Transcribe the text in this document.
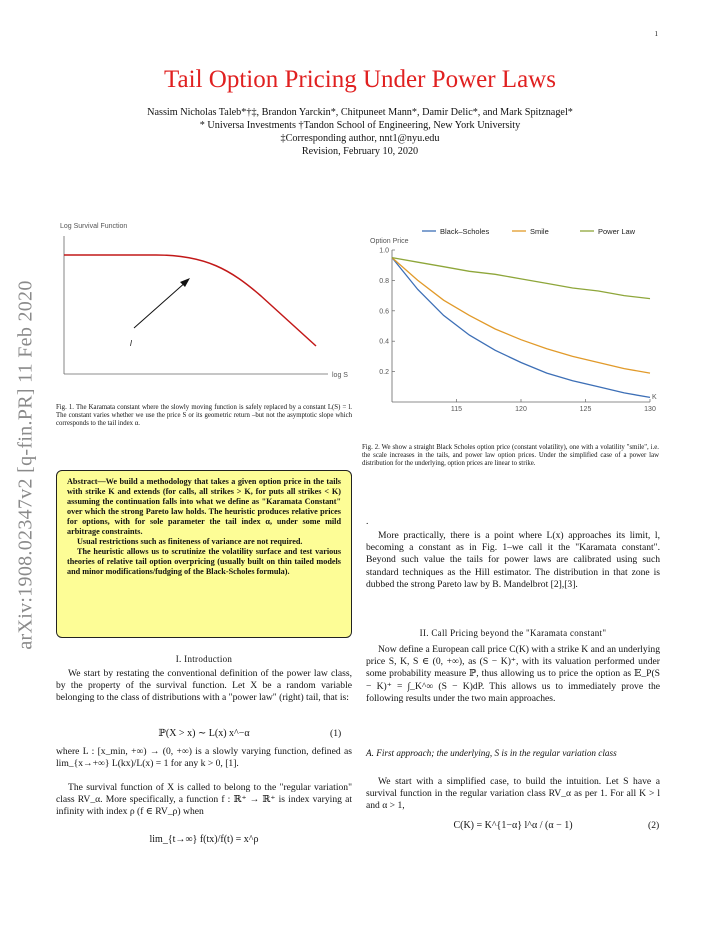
1
arXiv:1908.02347v2 [q-fin.PR] 11 Feb 2020
Tail Option Pricing Under Power Laws
Nassim Nicholas Taleb*†‡, Brandon Yarckin*, Chitpuneet Mann*, Damir Delic*, and Mark Spitznagel*
* Universa Investments †Tandon School of Engineering, New York University
‡Corresponding author, nnt1@nyu.edu
Revision, February 10, 2020
Log Survival Function
log S
l
Fig. 1. The Karamata constant where the slowly moving function is safely replaced by a constant L(S) = l. The constant varies whether we use the price S or its geometric return –but not the asymptotic slope which corresponds to the tail index α.
Black–Scholes	Smile	Power Law
Option Price
K
115	120	125	130
0.2
0.4
0.6
0.8
1.0
Fig. 2. We show a straight Black Scholes option price (constant volatility), one with a volatility "smile", i.e. the scale increases in the tails, and power law option prices. Under the simplified case of a power law distribution for the underlying, option prices are linear to strike.

Abstract—We build a methodology that takes a given option price in the tails with strike K and extends (for calls, all strikes > K, for puts all strikes < K) assuming the continuation falls into what we define as "Karamata Constant" over which the strong Pareto law holds. The heuristic produces relative prices for options, with for sole parameter the tail index α, under some mild arbitrage constraints.

Usual restrictions such as finiteness of variance are not required.

The heuristic allows us to scrutinize the volatility surface and test various theories of relative tail option overpricing (usually built on thin tailed models and minor modifications/fudging of the Black-Scholes formula).

I. Introduction

We start by restating the conventional definition of the power law class, by the property of the survival function. Let X be a random variable belonging to the class of distributions with a "power law" (right) tail, that is:

ℙ(X > x) ∼ L(x) x^−α	(1)

where L : [x_min, +∞) → (0, +∞) is a slowly varying function, defined as lim_{x→+∞} L(kx)/L(x) = 1 for any k > 0, [1].

The survival function of X is called to belong to the "regular variation" class RV_α. More specifically, a function f : ℝ⁺ → ℝ⁺ is index varying at infinity with index ρ (f ∈ RV_ρ) when

lim_{t→∞} f(tx)/f(t) = x^ρ
.

More practically, there is a point where L(x) approaches its limit, l, becoming a constant as in Fig. 1–we call it the "Karamata constant". Beyond such value the tails for power laws are calibrated using such standard techniques as the Hill estimator. The distribution in that zone is dubbed the strong Pareto law by B. Mandelbrot [2],[3].

II. Call Pricing beyond the "Karamata constant"

Now define a European call price C(K) with a strike K and an underlying price S, K, S ∈ (0, +∞), as (S − K)⁺, with its valuation performed under some probability measure ℙ, thus allowing us to price the option as 𝔼_P(S − K)⁺ = ∫_K^∞ (S − K)dP. This allows us to immediately prove the following results under the two main approaches.

A. First approach; the underlying, S is in the regular variation class

We start with a simplified case, to build the intuition. Let S have a survival function in the regular variation class RV_α as per 1. For all K > l and α > 1,

C(K) = K^{1−α} l^α / (α − 1)	(2)
